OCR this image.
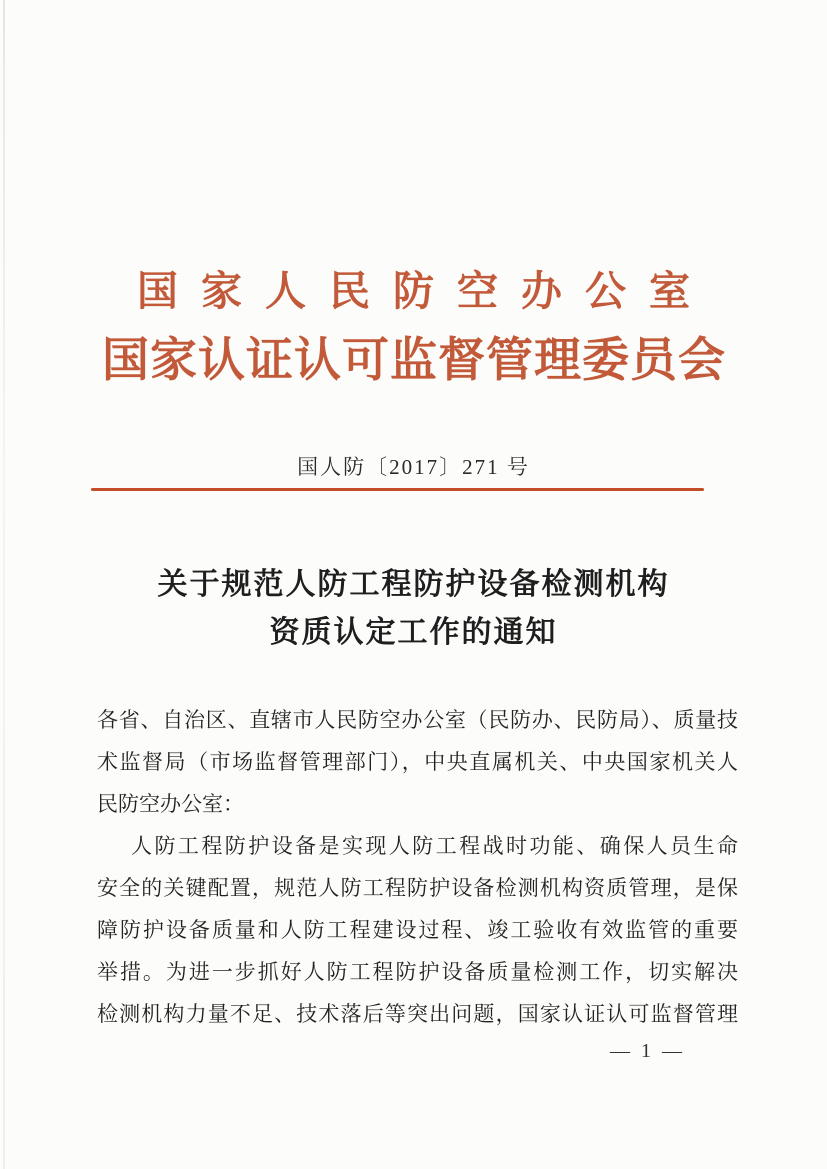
国家人民防空办公室
国家认证认可监督管理委员会
国人防〔2017〕271 号
关于规范人防工程防护设备检测机构
资质认定工作的通知
各省、自治区、直辖市人民防空办公室（民防办、民防局）、质量技
术监督局（市场监督管理部门），中央直属机关、中央国家机关人
民防空办公室：
人防工程防护设备是实现人防工程战时功能、确保人员生命
安全的关键配置，规范人防工程防护设备检测机构资质管理，是保
障防护设备质量和人防工程建设过程、竣工验收有效监管的重要
举措。为进一步抓好人防工程防护设备质量检测工作，切实解决
检测机构力量不足、技术落后等突出问题，国家认证认可监督管理
— 1 —
